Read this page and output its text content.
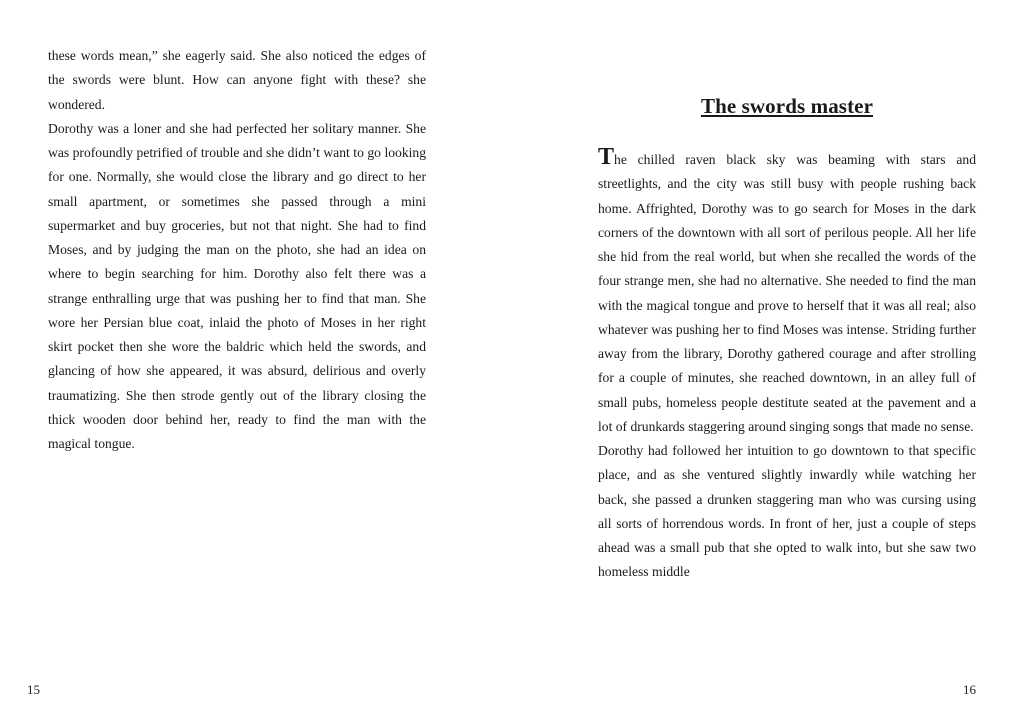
these words mean,” she eagerly said. She also noticed the edges of the swords were blunt. How can anyone fight with these? she wondered.

Dorothy was a loner and she had perfected her solitary manner. She was profoundly petrified of trouble and she didn’t want to go looking for one. Normally, she would close the library and go direct to her small apartment, or sometimes she passed through a mini supermarket and buy groceries, but not that night. She had to find Moses, and by judging the man on the photo, she had an idea on where to begin searching for him. Dorothy also felt there was a strange enthralling urge that was pushing her to find that man. She wore her Persian blue coat, inlaid the photo of Moses in her right skirt pocket then she wore the baldric which held the swords, and glancing of how she appeared, it was absurd, delirious and overly traumatizing. She then strode gently out of the library closing the thick wooden door behind her, ready to find the man with the magical tongue.

15
The swords master

The chilled raven black sky was beaming with stars and streetlights, and the city was still busy with people rushing back home. Affrighted, Dorothy was to go search for Moses in the dark corners of the downtown with all sort of perilous people. All her life she hid from the real world, but when she recalled the words of the four strange men, she had no alternative. She needed to find the man with the magical tongue and prove to herself that it was all real; also whatever was pushing her to find Moses was intense. Striding further away from the library, Dorothy gathered courage and after strolling for a couple of minutes, she reached downtown, in an alley full of small pubs, homeless people destitute seated at the pavement and a lot of drunkards staggering around singing songs that made no sense.

Dorothy had followed her intuition to go downtown to that specific place, and as she ventured slightly inwardly while watching her back, she passed a drunken staggering man who was cursing using all sorts of horrendous words. In front of her, just a couple of steps ahead was a small pub that she opted to walk into, but she saw two homeless middle

16
